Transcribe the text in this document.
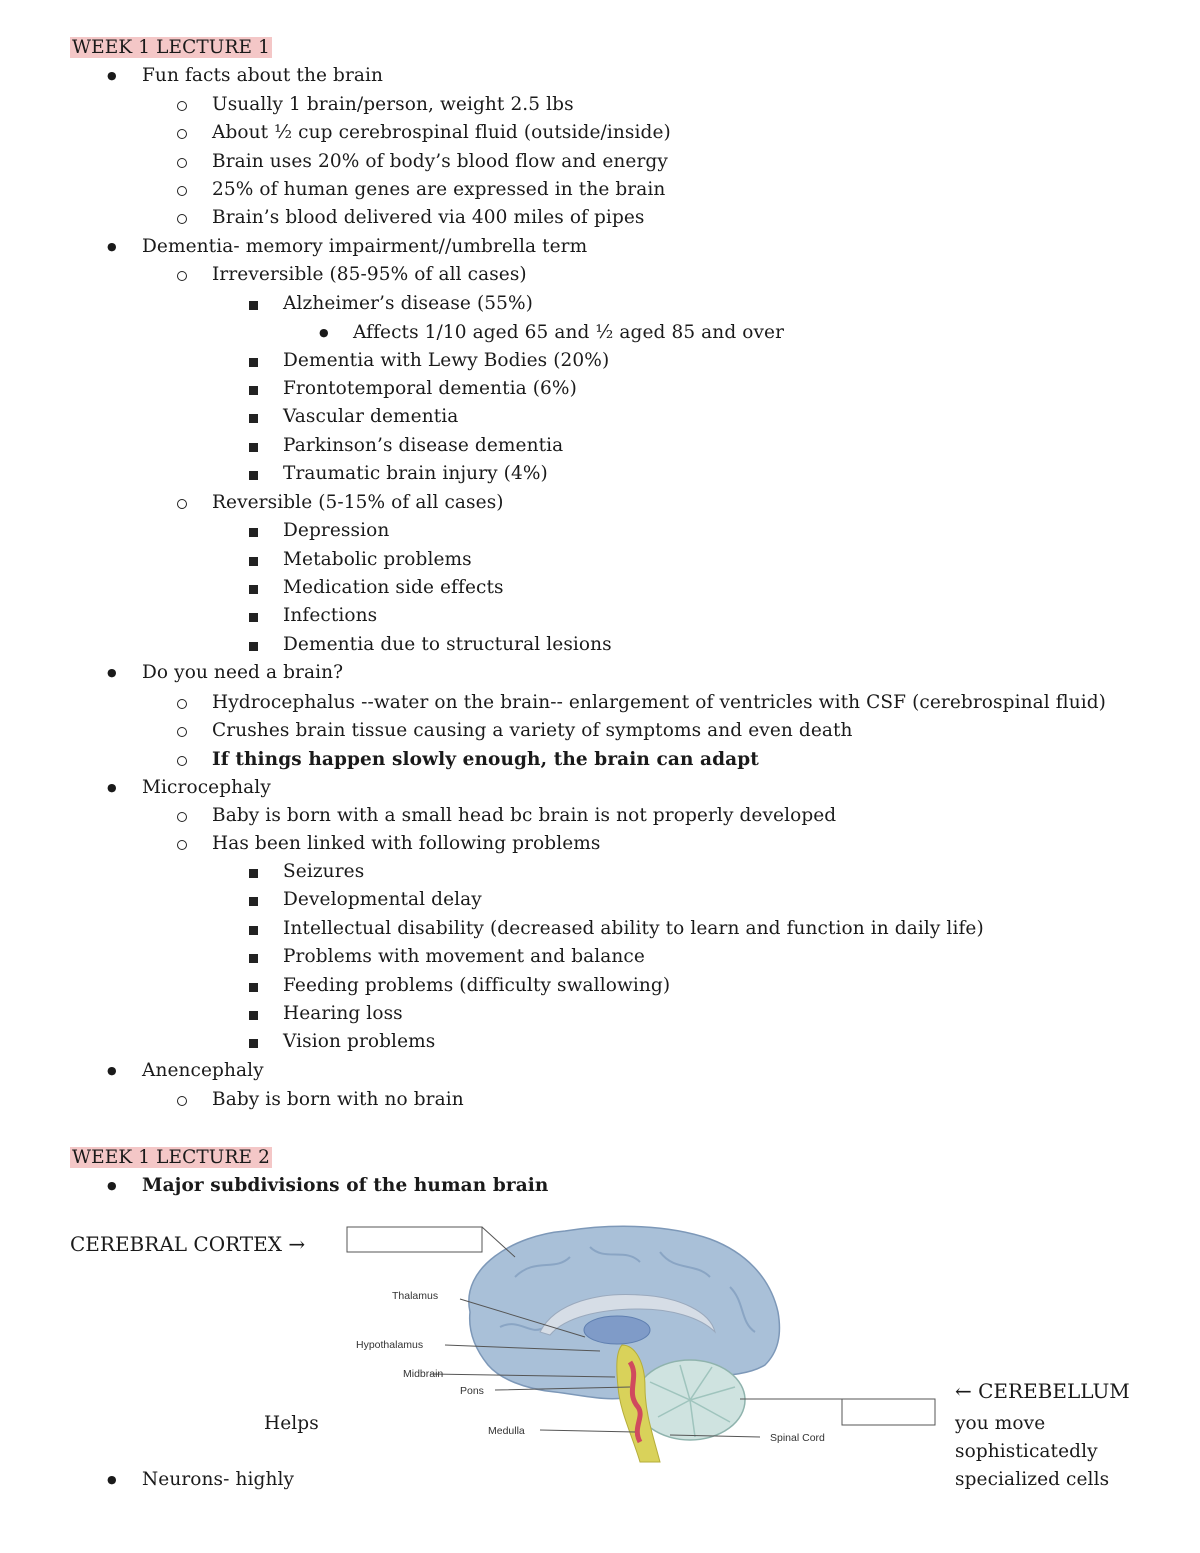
WEEK 1 LECTURE 1
● Fun facts about the brain
Usually 1 brain/person, weight 2.5 lbs
About ½ cup cerebrospinal fluid (outside/inside)
Brain uses 20% of body’s blood flow and energy
25% of human genes are expressed in the brain
Brain’s blood delivered via 400 miles of pipes
● Dementia- memory impairment//umbrella term
Irreversible (85-95% of all cases)
Alzheimer’s disease (55%)
● Affects 1/10 aged 65 and ½ aged 85 and over
Dementia with Lewy Bodies (20%)
Frontotemporal dementia (6%)
Vascular dementia
Parkinson’s disease dementia
Traumatic brain injury (4%)
Reversible (5-15% of all cases)
Depression
Metabolic problems
Medication side effects
Infections
Dementia due to structural lesions
● Do you need a brain?
Hydrocephalus --water on the brain-- enlargement of ventricles with CSF (cerebrospinal fluid)
Crushes brain tissue causing a variety of symptoms and even death
If things happen slowly enough, the brain can adapt
● Microcephaly
Baby is born with a small head bc brain is not properly developed
Has been linked with following problems
Seizures
Developmental delay
Intellectual disability (decreased ability to learn and function in daily life)
Problems with movement and balance
Feeding problems (difficulty swallowing)
Hearing loss
Vision problems
● Anencephaly
Baby is born with no brain
WEEK 1 LECTURE 2
● Major subdivisions of the human brain
CEREBRAL CORTEX →
Helps
← CEREBELLUM
you move
sophisticatedly
specialized cells
● Neurons- highly
Thalamus
Hypothalamus
Midbrain
Pons
Medulla
Spinal Cord
